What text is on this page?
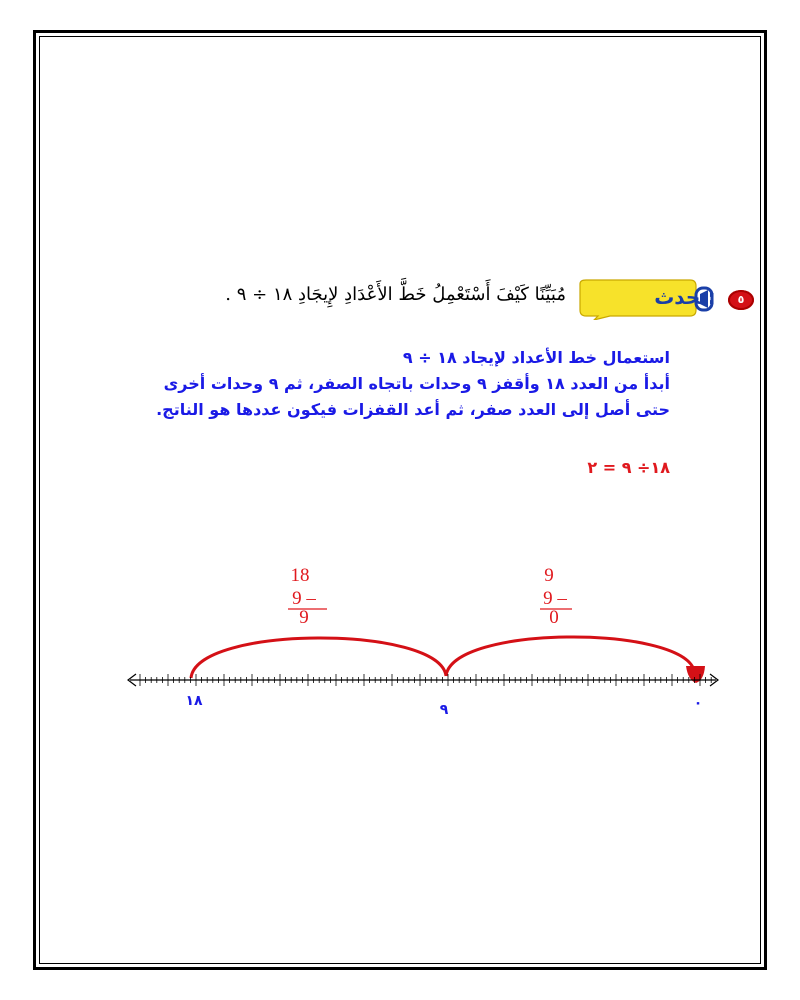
٥
تحدث:
مُبَيِّنًا كَيْفَ أَسْتَعْمِلُ خَطَّ الأَعْدَادِ لإِيجَادِ ١٨ ÷ ٩ .
استعمال خط الأعداد لإيجاد ١٨ ÷ ٩
أبدأ من العدد ١٨ وأقفز ٩ وحدات باتجاه الصفر، ثم ٩ وحدات أخرى
حتى أصل إلى العدد صفر، ثم أعد القفزات فيكون عددها هو الناتج.
١٨÷ ٩ = ٢
18
9 –
9
9
9 –
0
١٨
٩	٠
